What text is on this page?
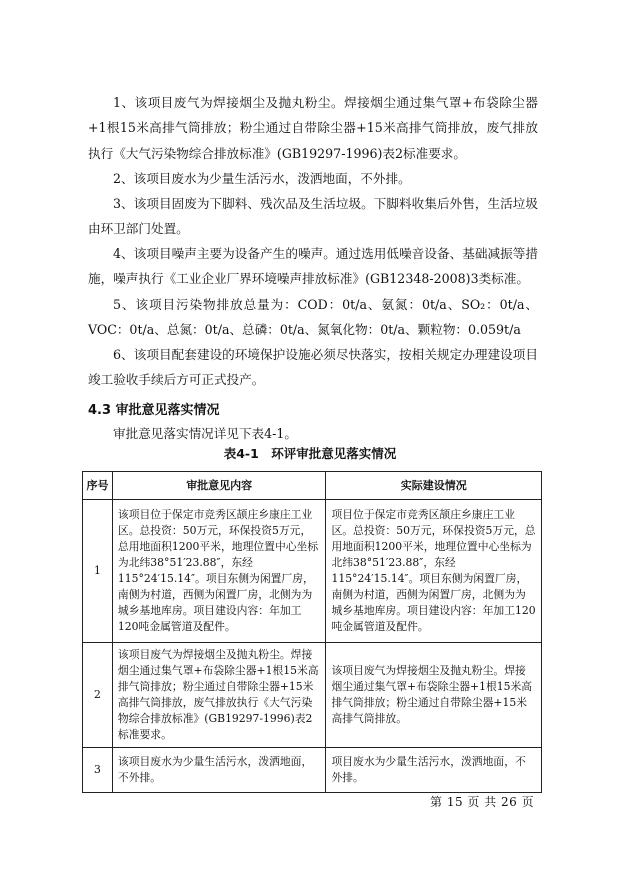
1、该项目废气为焊接烟尘及抛丸粉尘。焊接烟尘通过集气罩+布袋除尘器+1根15米高排气筒排放；粉尘通过自带除尘器+15米高排气筒排放，废气排放执行《大气污染物综合排放标准》(GB19297-1996)表2标准要求。

2、该项目废水为少量生活污水，泼洒地面，不外排。

3、该项目固废为下脚料、残次品及生活垃圾。下脚料收集后外售，生活垃圾由环卫部门处置。

4、该项目噪声主要为设备产生的噪声。通过选用低噪音设备、基础减振等措施，噪声执行《工业企业厂界环境噪声排放标准》(GB12348-2008)3类标准。

5、该项目污染物排放总量为：COD：0t/a、氨氮：0t/a、SO₂：0t/a、VOC：0t/a、总氮：0t/a、总磷：0t/a、氮氧化物：0t/a、颗粒物：0.059t/a

6、该项目配套建设的环境保护设施必须尽快落实，按相关规定办理建设项目竣工验收手续后方可正式投产。

4.3 审批意见落实情况

审批意见落实情况详见下表4-1。

表4-1　环评审批意见落实情况
序号	审批意见内容	实际建设情况
1	该项目位于保定市竞秀区颉庄乡康庄工业区。总投资：50万元，环保投资5万元，总用地面积1200平米，地理位置中心坐标为北纬38°51′23.88″，东经115°24′15.14″。项目东侧为闲置厂房，南侧为村道，西侧为闲置厂房，北侧为为城乡基地库房。项目建设内容：年加工120吨金属管道及配件。	项目位于保定市竞秀区颉庄乡康庄工业区。总投资：50万元，环保投资5万元，总用地面积1200平米，地理位置中心坐标为北纬38°51′23.88″，东经115°24′15.14″。项目东侧为闲置厂房，南侧为村道，西侧为闲置厂房，北侧为为城乡基地库房。项目建设内容：年加工120吨金属管道及配件。
2	该项目废气为焊接烟尘及抛丸粉尘。焊接烟尘通过集气罩+布袋除尘器+1根15米高排气筒排放；粉尘通过自带除尘器+15米高排气筒排放，废气排放执行《大气污染物综合排放标准》(GB19297-1996)表2标准要求。	该项目废气为焊接烟尘及抛丸粉尘。焊接烟尘通过集气罩+布袋除尘器+1根15米高排气筒排放；粉尘通过自带除尘器+15米高排气筒排放。
3	该项目废水为少量生活污水，泼洒地面，不外排。	项目废水为少量生活污水，泼洒地面，不外排。
第 15 页 共 26 页
